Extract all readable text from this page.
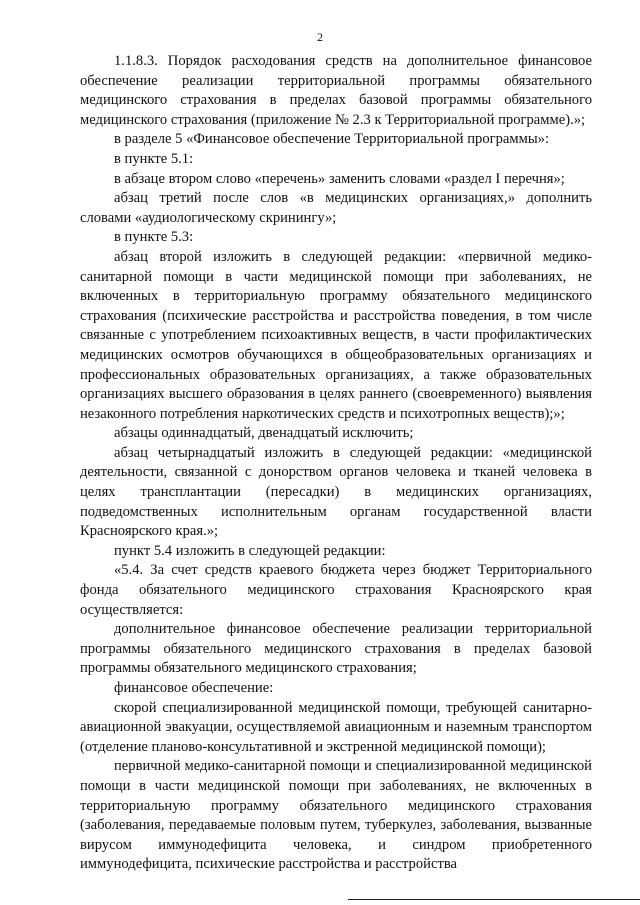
2

1.1.8.3. Порядок расходования средств на дополнительное финансовое обеспечение реализации территориальной программы обязательного медицинского страхования в пределах базовой программы обязательного медицинского страхования (приложение № 2.3 к Территориальной программе).»;

в разделе 5 «Финансовое обеспечение Территориальной программы»:

в пункте 5.1:

в абзаце втором слово «перечень» заменить словами «раздел I перечня»;

абзац третий после слов «в медицинских организациях,» дополнить словами «аудиологическому скринингу»;

в пункте 5.3:

абзац второй изложить в следующей редакции: «первичной медико-санитарной помощи в части медицинской помощи при заболеваниях, не включенных в территориальную программу обязательного медицинского страхования (психические расстройства и расстройства поведения, в том числе связанные с употреблением психоактивных веществ, в части профилактических медицинских осмотров обучающихся в общеобразовательных организациях и профессиональных образовательных организациях, а также образовательных организациях высшего образования в целях раннего (своевременного) выявления незаконного потребления наркотических средств и психотропных веществ);»;

абзацы одиннадцатый, двенадцатый исключить;

абзац четырнадцатый изложить в следующей редакции: «медицинской деятельности, связанной с донорством органов человека и тканей человека в целях трансплантации (пересадки) в медицинских организациях, подведомственных исполнительным органам государственной власти Красноярского края.»;

пункт 5.4 изложить в следующей редакции:

«5.4. За счет средств краевого бюджета через бюджет Территориального фонда обязательного медицинского страхования Красноярского края осуществляется:

дополнительное финансовое обеспечение реализации территориальной программы обязательного медицинского страхования в пределах базовой программы обязательного медицинского страхования;

финансовое обеспечение:

скорой специализированной медицинской помощи, требующей санитарно-авиационной эвакуации, осуществляемой авиационным и наземным транспортом (отделение планово-консультативной и экстренной медицинской помощи);

первичной медико-санитарной помощи и специализированной медицинской помощи в части медицинской помощи при заболеваниях, не включенных в территориальную программу обязательного медицинского страхования (заболевания, передаваемые половым путем, туберкулез, заболевания, вызванные вирусом иммунодефицита человека, и синдром приобретенного иммунодефицита, психические расстройства и расстройства
